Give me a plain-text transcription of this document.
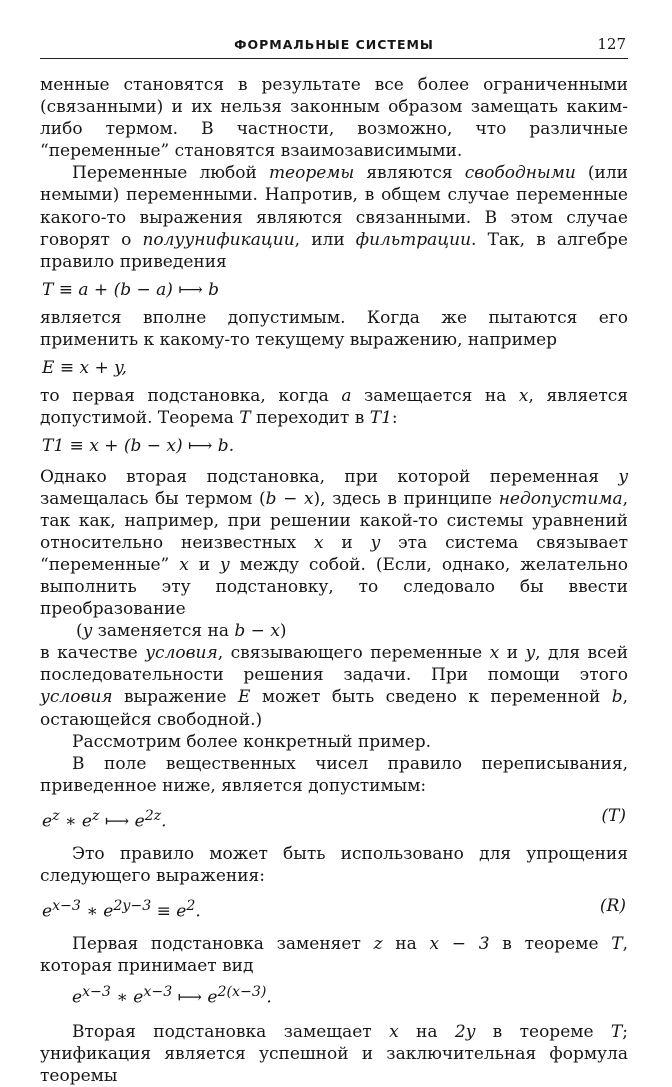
ФОРМАЛЬНЫЕ СИСТЕМЫ	127

менные становятся в результате все более ограниченными (связанными) и их нельзя законным образом замещать каким-либо термом. В частности, возможно, что различные “переменные” становятся взаимозависимыми.

Переменные любой теоремы являются свободными (или немыми) переменными. Напротив, в общем случае переменные какого-то выражения являются связанными. В этом случае говорят о полуунификации, или фильтрации. Так, в алгебре правило приведения

T ≡ a + (b − a) ⟼ b

является вполне допустимым. Когда же пытаются его применить к какому-то текущему выражению, например

E ≡ x + y,

то первая подстановка, когда a замещается на x, является допустимой. Теорема T переходит в T1:

T1 ≡ x + (b − x) ⟼ b.

Однако вторая подстановка, при которой переменная y замещалась бы термом (b − x), здесь в принципе недопустима, так как, например, при решении какой-то системы уравнений относительно неизвестных x и y эта система связывает “переменные” x и y между собой. (Если, однако, желательно выполнить эту подстановку, то следовало бы ввести преобразование

(y заменяется на b − x)

в качестве условия, связывающего переменные x и y, для всей последовательности решения задачи. При помощи этого условия выражение E может быть сведено к переменной b, остающейся свободной.)

Рассмотрим более конкретный пример.

В поле вещественных чисел правило переписывания, приведенное ниже, является допустимым:

$e^z$ ∗ $e^z$ ⟼ $e^{2z}$.	(T)

Это правило может быть использовано для упрощения следующего выражения:

$e^{x-3}$ ∗ $e^{2y-3} \equiv e^2$.	(R)

Первая подстановка заменяет z на x − 3 в теореме T, которая принимает вид

$e^{x-3}$ ∗ $e^{x-3}$ ⟼ $e^{2(x-3)}$.

Вторая подстановка замещает x на 2y в теореме T; унификация является успешной и заключительная формула теоремы
